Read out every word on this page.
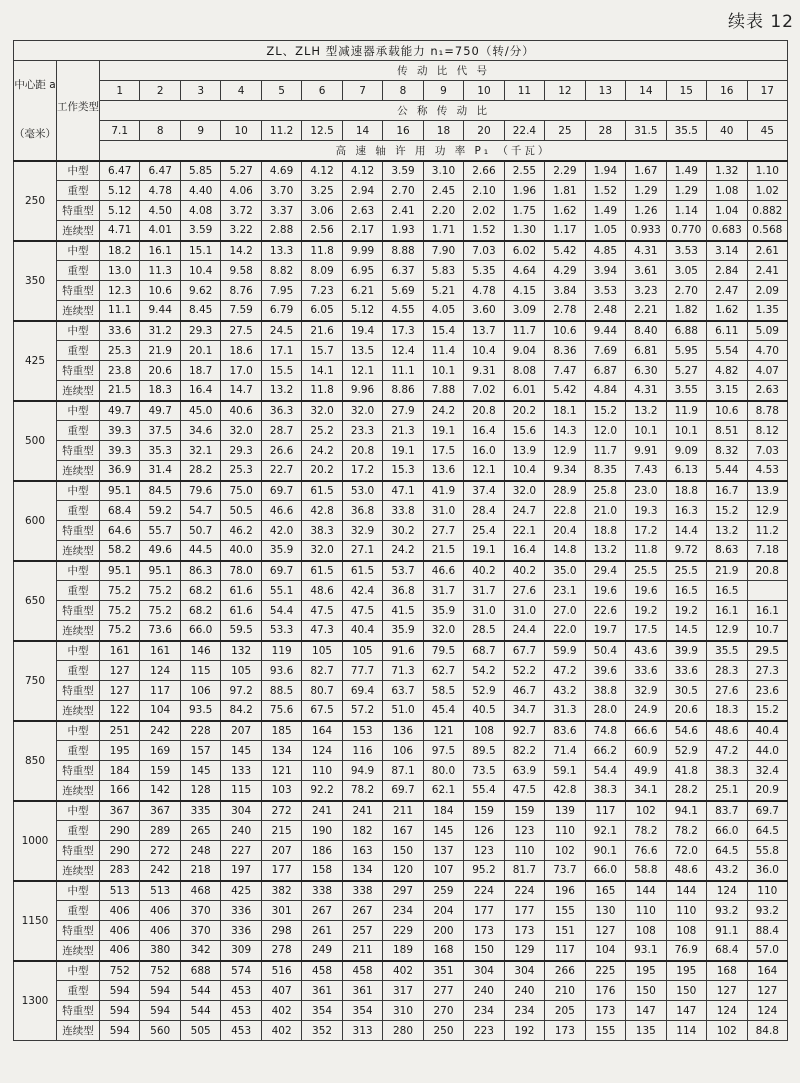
续表 12
ZL、ZLH 型减速器承载能力 n₁=750（转/分）																		

中心距 a
（毫米）	工作类型	传 动 比 代 号																
		1	2	3	4	5	6	7	8	9	10	11	12	13	14	15	16	17
		公 称 传 动 比																
		7.1	8	9	10	11.2	12.5	14	16	18	20	22.4	25	28	31.5	35.5	40	45
		高 速 轴 许 用 功 率 P₁ （千瓦）																
250	中型	6.47	6.47	5.85	5.27	4.69	4.12	4.12	3.59	3.10	2.66	2.55	2.29	1.94	1.67	1.49	1.32	1.10
	重型	5.12	4.78	4.40	4.06	3.70	3.25	2.94	2.70	2.45	2.10	1.96	1.81	1.52	1.29	1.29	1.08	1.02
	特重型	5.12	4.50	4.08	3.72	3.37	3.06	2.63	2.41	2.20	2.02	1.75	1.62	1.49	1.26	1.14	1.04	0.882
	连续型	4.71	4.01	3.59	3.22	2.88	2.56	2.17	1.93	1.71	1.52	1.30	1.17	1.05	0.933	0.770	0.683	0.568
350	中型	18.2	16.1	15.1	14.2	13.3	11.8	9.99	8.88	7.90	7.03	6.02	5.42	4.85	4.31	3.53	3.14	2.61
	重型	13.0	11.3	10.4	9.58	8.82	8.09	6.95	6.37	5.83	5.35	4.64	4.29	3.94	3.61	3.05	2.84	2.41
	特重型	12.3	10.6	9.62	8.76	7.95	7.23	6.21	5.69	5.21	4.78	4.15	3.84	3.53	3.23	2.70	2.47	2.09
	连续型	11.1	9.44	8.45	7.59	6.79	6.05	5.12	4.55	4.05	3.60	3.09	2.78	2.48	2.21	1.82	1.62	1.35
425	中型	33.6	31.2	29.3	27.5	24.5	21.6	19.4	17.3	15.4	13.7	11.7	10.6	9.44	8.40	6.88	6.11	5.09
	重型	25.3	21.9	20.1	18.6	17.1	15.7	13.5	12.4	11.4	10.4	9.04	8.36	7.69	6.81	5.95	5.54	4.70
	特重型	23.8	20.6	18.7	17.0	15.5	14.1	12.1	11.1	10.1	9.31	8.08	7.47	6.87	6.30	5.27	4.82	4.07
	连续型	21.5	18.3	16.4	14.7	13.2	11.8	9.96	8.86	7.88	7.02	6.01	5.42	4.84	4.31	3.55	3.15	2.63
500	中型	49.7	49.7	45.0	40.6	36.3	32.0	32.0	27.9	24.2	20.8	20.2	18.1	15.2	13.2	11.9	10.6	8.78
	重型	39.3	37.5	34.6	32.0	28.7	25.2	23.3	21.3	19.1	16.4	15.6	14.3	12.0	10.1	10.1	8.51	8.12
	特重型	39.3	35.3	32.1	29.3	26.6	24.2	20.8	19.1	17.5	16.0	13.9	12.9	11.7	9.91	9.09	8.32	7.03
	连续型	36.9	31.4	28.2	25.3	22.7	20.2	17.2	15.3	13.6	12.1	10.4	9.34	8.35	7.43	6.13	5.44	4.53
600	中型	95.1	84.5	79.6	75.0	69.7	61.5	53.0	47.1	41.9	37.4	32.0	28.9	25.8	23.0	18.8	16.7	13.9
	重型	68.4	59.2	54.7	50.5	46.6	42.8	36.8	33.8	31.0	28.4	24.7	22.8	21.0	19.3	16.3	15.2	12.9
	特重型	64.6	55.7	50.7	46.2	42.0	38.3	32.9	30.2	27.7	25.4	22.1	20.4	18.8	17.2	14.4	13.2	11.2
	连续型	58.2	49.6	44.5	40.0	35.9	32.0	27.1	24.2	21.5	19.1	16.4	14.8	13.2	11.8	9.72	8.63	7.18
650	中型	95.1	95.1	86.3	78.0	69.7	61.5	61.5	53.7	46.6	40.2	40.2	35.0	29.4	25.5	25.5	21.9	20.8
	重型	75.2	75.2	68.2	61.6	55.1	48.6	42.4	36.8	31.7	31.7	27.6	23.1	19.6	19.6	16.5	16.5	
	特重型	75.2	75.2	68.2	61.6	54.4	47.5	47.5	41.5	35.9	31.0	31.0	27.0	22.6	19.2	19.2	16.1	16.1
	连续型	75.2	73.6	66.0	59.5	53.3	47.3	40.4	35.9	32.0	28.5	24.4	22.0	19.7	17.5	14.5	12.9	10.7
750	中型	161	161	146	132	119	105	105	91.6	79.5	68.7	67.7	59.9	50.4	43.6	39.9	35.5	29.5
	重型	127	124	115	105	93.6	82.7	77.7	71.3	62.7	54.2	52.2	47.2	39.6	33.6	33.6	28.3	27.3
	特重型	127	117	106	97.2	88.5	80.7	69.4	63.7	58.5	52.9	46.7	43.2	38.8	32.9	30.5	27.6	23.6
	连续型	122	104	93.5	84.2	75.6	67.5	57.2	51.0	45.4	40.5	34.7	31.3	28.0	24.9	20.6	18.3	15.2
850	中型	251	242	228	207	185	164	153	136	121	108	92.7	83.6	74.8	66.6	54.6	48.6	40.4
	重型	195	169	157	145	134	124	116	106	97.5	89.5	82.2	71.4	66.2	60.9	52.9	47.2	44.0
	特重型	184	159	145	133	121	110	94.9	87.1	80.0	73.5	63.9	59.1	54.4	49.9	41.8	38.3	32.4
	连续型	166	142	128	115	103	92.2	78.2	69.7	62.1	55.4	47.5	42.8	38.3	34.1	28.2	25.1	20.9
1000	中型	367	367	335	304	272	241	241	211	184	159	159	139	117	102	94.1	83.7	69.7
	重型	290	289	265	240	215	190	182	167	145	126	123	110	92.1	78.2	78.2	66.0	64.5
	特重型	290	272	248	227	207	186	163	150	137	123	110	102	90.1	76.6	72.0	64.5	55.8
	连续型	283	242	218	197	177	158	134	120	107	95.2	81.7	73.7	66.0	58.8	48.6	43.2	36.0
1150	中型	513	513	468	425	382	338	338	297	259	224	224	196	165	144	144	124	110
	重型	406	406	370	336	301	267	267	234	204	177	177	155	130	110	110	93.2	93.2
	特重型	406	406	370	336	298	261	257	229	200	173	173	151	127	108	108	91.1	88.4
	连续型	406	380	342	309	278	249	211	189	168	150	129	117	104	93.1	76.9	68.4	57.0
1300	中型	752	752	688	574	516	458	458	402	351	304	304	266	225	195	195	168	164
	重型	594	594	544	453	407	361	361	317	277	240	240	210	176	150	150	127	127
	特重型	594	594	544	453	402	354	354	310	270	234	234	205	173	147	147	124	124
	连续型	594	560	505	453	402	352	313	280	250	223	192	173	155	135	114	102	84.8
